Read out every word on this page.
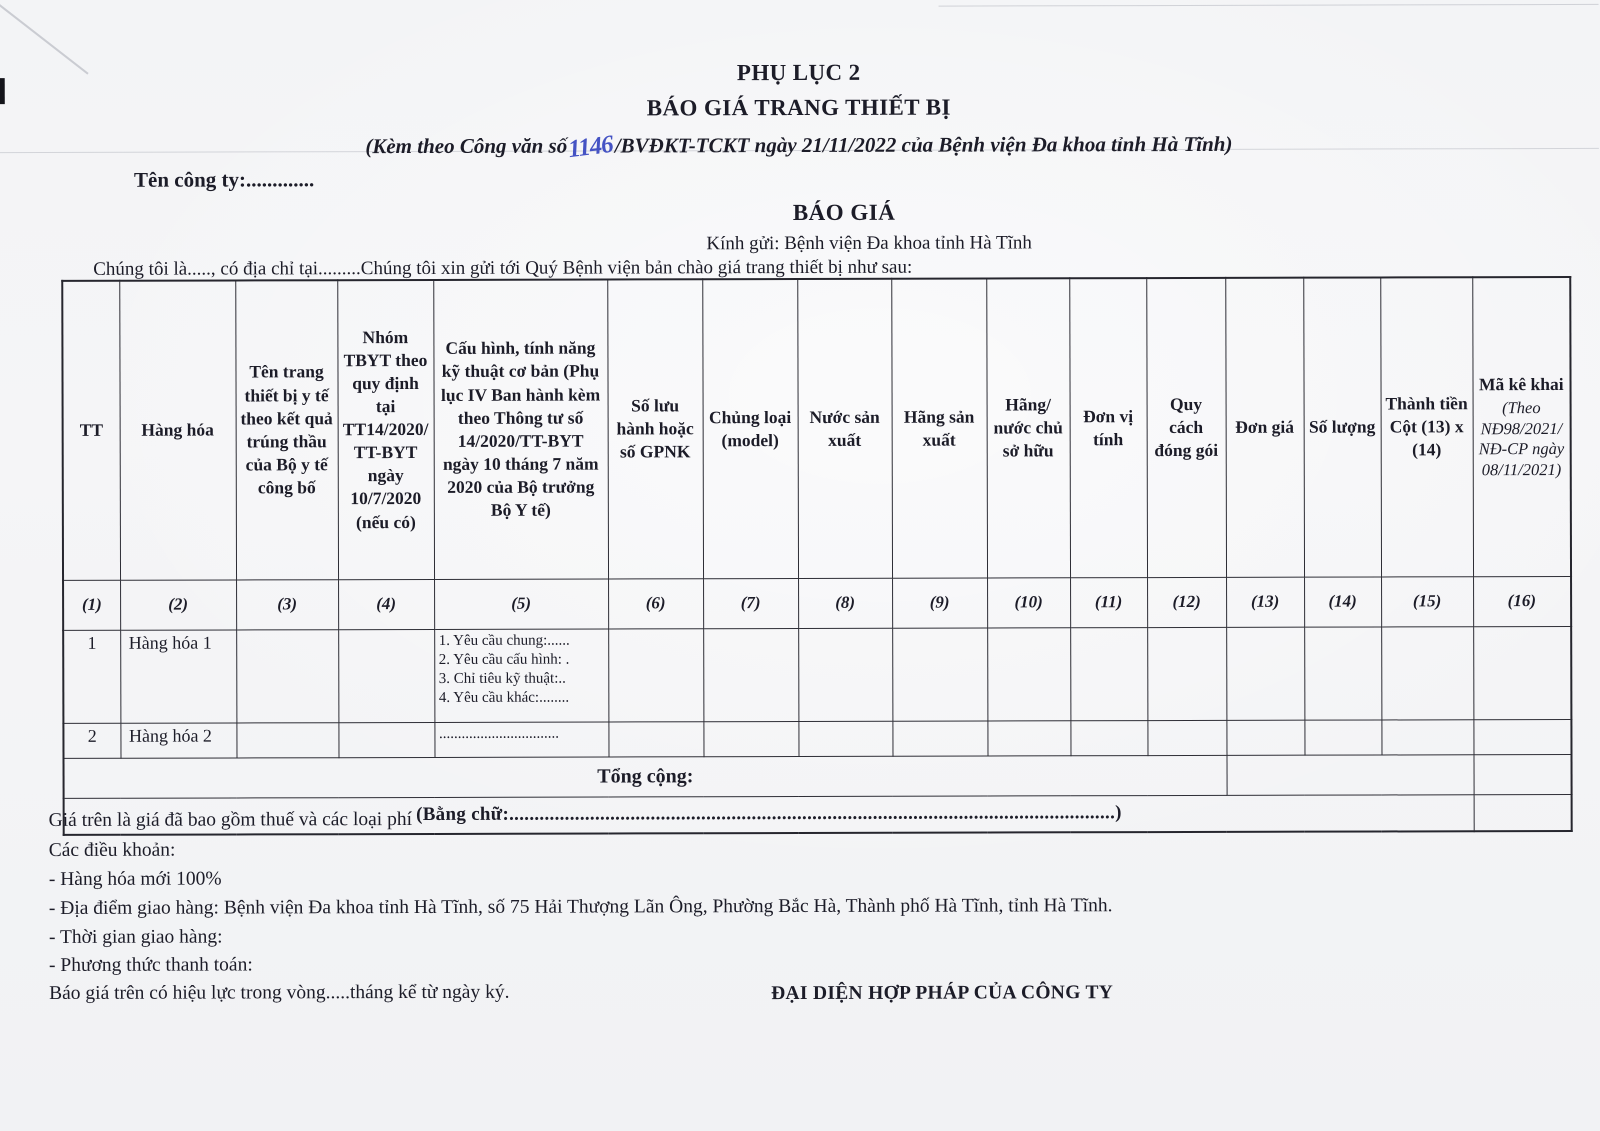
PHỤ LỤC 2
BÁO GIÁ TRANG THIẾT BỊ
(Kèm theo Công văn số1146/BVĐKT-TCKT ngày 21/11/2022 của Bệnh viện Đa khoa tỉnh Hà Tĩnh)
Tên công ty:.............
BÁO GIÁ
Kính gửi: Bệnh viện Đa khoa tỉnh Hà Tĩnh
Chúng tôi là....., có địa chỉ tại.........Chúng tôi xin gửi tới Quý Bệnh viện bản chào giá trang thiết bị như sau:
TT	Hàng hóa	Tên trang thiết bị y tế theo kết quả trúng thầu của Bộ y tế công bố	Nhóm TBYT theo quy định tại TT14/2020/TT-BYT ngày 10/7/2020 (nếu có)	Cấu hình, tính năng kỹ thuật cơ bản (Phụ lục IV Ban hành kèm theo Thông tư số 14/2020/TT-BYT ngày 10 tháng 7 năm 2020 của Bộ trưởng Bộ Y tế)	Số lưu hành hoặc số GPNK	Chủng loại (model)	Nước sản xuất	Hãng sản xuất	Hãng/ nước chủ sở hữu	Đơn vị tính	Quy cách đóng gói	Đơn giá	Số lượng	Thành tiền Cột (13) x (14)	Mã kê khai
(Theo NĐ98/2021/NĐ-CP ngày 08/11/2021)

(1)	(2)	(3)	(4)	(5)	(6)	(7)	(8)	(9)	(10)	(11)	(12)	(13)	(14)	(15)	(16)
1	Hàng hóa 1			1. Yêu cầu chung:......
2. Yêu cầu cấu hình: .
3. Chỉ tiêu kỹ thuật:..
4. Yêu cầu khác:........											

2	Hàng hóa 2			................................											

Tổng cộng:															
(Bằng chữ:........................................................................................................................)															
Giá trên là giá đã bao gồm thuế và các loại phí
Các điều khoản:
- Hàng hóa mới 100%
- Địa điểm giao hàng: Bệnh viện Đa khoa tỉnh Hà Tĩnh, số 75 Hải Thượng Lãn Ông, Phường Bắc Hà, Thành phố Hà Tĩnh, tỉnh Hà Tĩnh.
- Thời gian giao hàng:
- Phương thức thanh toán:
Báo giá trên có hiệu lực trong vòng.....tháng kể từ ngày ký.	ĐẠI DIỆN HỢP PHÁP CỦA CÔNG TY
